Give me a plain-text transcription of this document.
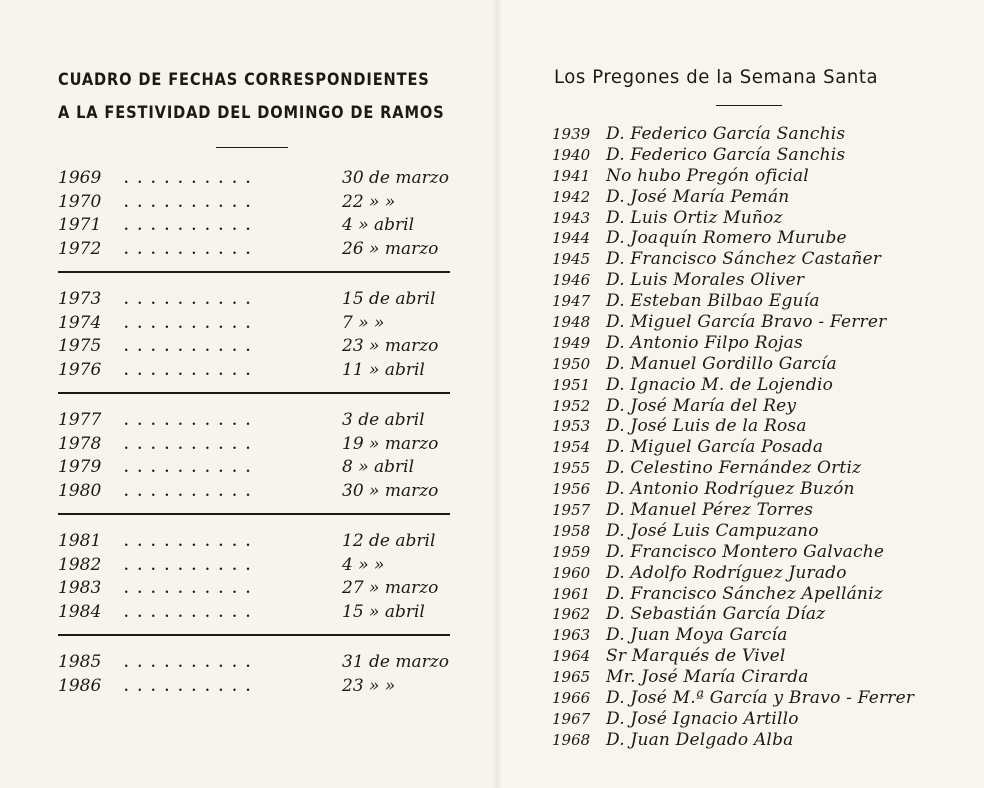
CUADRO DE FECHAS CORRESPONDIENTES
A LA FESTIVIDAD DEL DOMINGO DE RAMOS
1969 ..........	30 de marzo
1970 ..........	22 » »
1971 ..........	4 » abril
1972 ..........	26 » marzo
1973 ..........	15 de abril
1974 ..........	7 » »
1975 ..........	23 » marzo
1976 ..........	11 » abril
1977 ..........	3 de abril
1978 ..........	19 » marzo
1979 ..........	8 » abril
1980 ..........	30 » marzo
1981 ..........	12 de abril
1982 ..........	4 » »
1983 ..........	27 » marzo
1984 ..........	15 » abril
1985 ..........	31 de marzo
1986 ..........	23 » »
Los Pregones de la Semana Santa
1939 D. Federico García Sanchis
1940 D. Federico García Sanchis
1941 No hubo Pregón oficial
1942 D. José María Pemán
1943 D. Luis Ortiz Muñoz
1944 D. Joaquín Romero Murube
1945 D. Francisco Sánchez Castañer
1946 D. Luis Morales Oliver
1947 D. Esteban Bilbao Eguía
1948 D. Miguel García Bravo - Ferrer
1949 D. Antonio Filpo Rojas
1950 D. Manuel Gordillo García
1951 D. Ignacio M. de Lojendio
1952 D. José María del Rey
1953 D. José Luis de la Rosa
1954 D. Miguel García Posada
1955 D. Celestino Fernández Ortiz
1956 D. Antonio Rodríguez Buzón
1957 D. Manuel Pérez Torres
1958 D. José Luis Campuzano
1959 D. Francisco Montero Galvache
1960 D. Adolfo Rodríguez Jurado
1961 D. Francisco Sánchez Apellániz
1962 D. Sebastián García Díaz
1963 D. Juan Moya García
1964 Sr Marqués de Vivel
1965 Mr. José María Cirarda
1966 D. José M.ª García y Bravo - Ferrer
1967 D. José Ignacio Artillo
1968 D. Juan Delgado Alba
